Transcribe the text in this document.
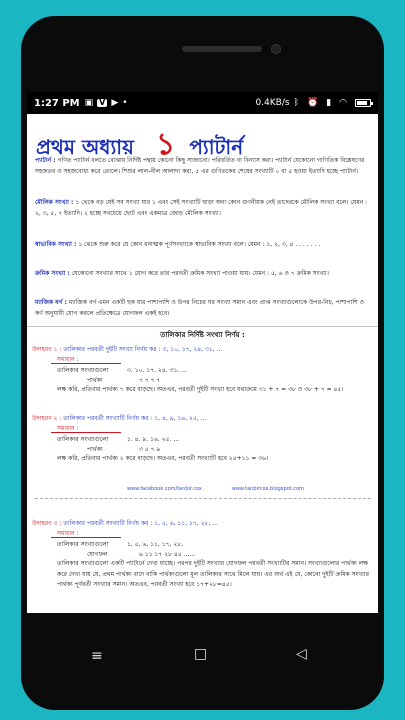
1:27 PM ▣ V ▶ •	0.4KB/s ᛒ ⏰ ▮ ◠
প্রথম অধ্যায় ১ প্যাটার্ন
প্যাটার্ন : গণিত প্যাটার্ন বলতে বোঝায় নির্দিষ্ট পন্থায় কোনো কিছু সাজানো। পরিবর্তিত বা বিন্যাস করা। প্যাটার্ন যেকোনো গাণিতিক বিশ্লেষণের সহজতর ও সহজবোধ্য করে তোলে। শিশুর লাল-নীল আলাদা করা, ৫ এর গুণিতকের শেষের সংখ্যাটি ০ বা ৫ হওয়া ইত্যাদি হচ্ছে প্যাটার্ন।
মৌলিক সংখ্যা : ১ থেকে বড় যেই সব সংখ্যা যার ১ এবং সেই সংখ্যাটি ছাড়া অন্য কোন গুণনীয়ক নেই তাদেরকে মৌলিক সংখ্যা বলে। যেমন : ২, ৩, ৫, ৭ ইত্যাদি। ২ হচ্ছে সবচেয়ে ছোট এবং একমাত্র জোড় মৌলিক সংখ্যা।
স্বাভাবিক সংখ্যা : ১ থেকে শুরু করে যে কোন ধনাত্মক পূর্ণসংখ্যাকে স্বাভাবিক সংখ্যা বলে। যেমন : ১, ২, ৩, ৪ . . . . . . .
ক্রমিক সংখ্যা : যেকোনো সংখ্যার সাথে ১ যোগ করে তার পরবর্তী ক্রমিক সংখ্যা পাওয়া যায়। যেমন : ৫, ৬ ও ৭ ক্রমিক সংখ্যা।
ম্যাজিক বর্গ : ম্যাজিক বর্গ এমন একটি ছক যার পাশাপাশি ও উপর নিচের ঘর সংখ্যা সমান এবং প্রাপ্ত সংখ্যাগুলোকে উপর-নিচ, পাশাপাশি ও কর্ণ অনুযায়ী যোগ করলে প্রতিক্ষেত্রে যোগফল একই হবে।
তালিকার নির্দিষ্ট সংখ্যা নির্ণয় :
উদাহরণ ১ : তালিকার পরবর্তী দুইটি সংখ্যা নির্ণয় কর : ৩, ১০, ১৭, ২৪, ৩১, ...
সমাধান :
তালিকার সংখ্যাগুলো	৩. ১০. ১৭. ২৪. ৩১. ...
পার্থক্য	৭ ৭ ৭ ৭
লক্ষ করি, প্রতিবার পার্থক্য ৭ করে বাড়ছে। অতএব, পরবর্তী দুইটি সংখ্যা হবে যথাক্রমে ৩১ + ৭ = ৩৮ ও ৩৮ + ৭ = ৪৫।
উদাহরণ ২ : তালিকার পরবর্তী সংখ্যাটি নির্ণয় কর : ১, ৪, ৯, ১৬, ২৫, ...
সমাধান :
তালিকার সংখ্যাগুলো	১. ৪. ৯. ১৬. ২৫. ...
পার্থক্য	৩ ৫ ৭ ৯
লক্ষ করি, প্রতিবার পার্থক্য ২ করে বাড়ছে। অতএব, পরবর্তী সংখ্যাটি হবে ২৫+১১ = ৩৬।
www.facebook.com/tanbir.cox	www.tanbircox.blogspot.com
উদাহরণ ৩ : তালিকার পরবর্তী সংখ্যাটি নির্ণয় কর : ১, ৫, ৬, ১১, ১৭, ২৮, ...
সমাধান :
তালিকার সংখ্যাগুলো	১, ৫, ৬, ১১, ১৭, ২৮,
যোগফল	৬ ১১ ১৭ ২৮ ৪৫ ......
তালিকার সংখ্যাগুলো একটি প্যাটার্নে দেখা যাচ্ছে। পরপর দুইটি সংখ্যার যোগফল পরবর্তী সংখ্যাটির সমান। সংখ্যাগুলোর পার্থক্য লক্ষ করে দেখা যায় যে, প্রথম পার্থক্য বাদে বাকি পার্থক্যগুলো মূল তালিকার সাথে মিলে যায়। এর অর্থ এই যে, কোনো দুইটি ক্রমিক সংখ্যার পার্থক্য পূর্ববর্তী সংখ্যার সমান। অতএব, পরবর্তী সংখ্যা হবে ১৭+২৮=৪৫।
≡	□	◁
